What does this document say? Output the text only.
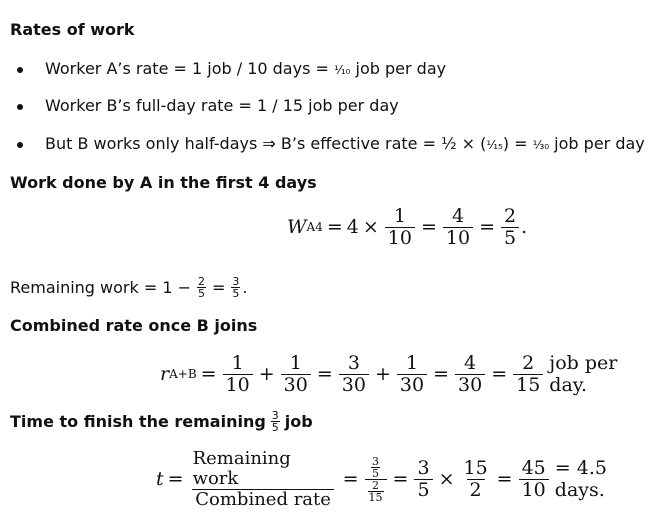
Rates of work
Worker A’s rate = 1 job / 10 days = ¹⁄₁₀ job per day
Worker B’s full-day rate = 1 / 15 job per day
But B works only half-days ⇒ B’s effective rate = ½ × (¹⁄₁₅) = ¹⁄₃₀ job per day
Work done by A in the first 4 days
W $A4 = 4 \times \frac{1}{10} = \frac{4}{10} = \frac{2}{5}$ .
Remaining work = $1 - \frac{2}{5} = \frac{3}{5}$ .
Combined rate once B joins
r $A+B = \frac{1}{10} + \frac{1}{30} = \frac{3}{30} + \frac{1}{30} = \frac{4}{30} = \frac{2}{15}$ job per day.
Time to finish the remaining 3
5 job
$t = \frac{\text{Remaining work}}{\text{Combined rate}} = \frac{\frac{3}{5}}{\frac{2}{15}} = \frac{3}{5} \times \frac{15}{2} = \frac{45}{10} = 4.5$ days.
